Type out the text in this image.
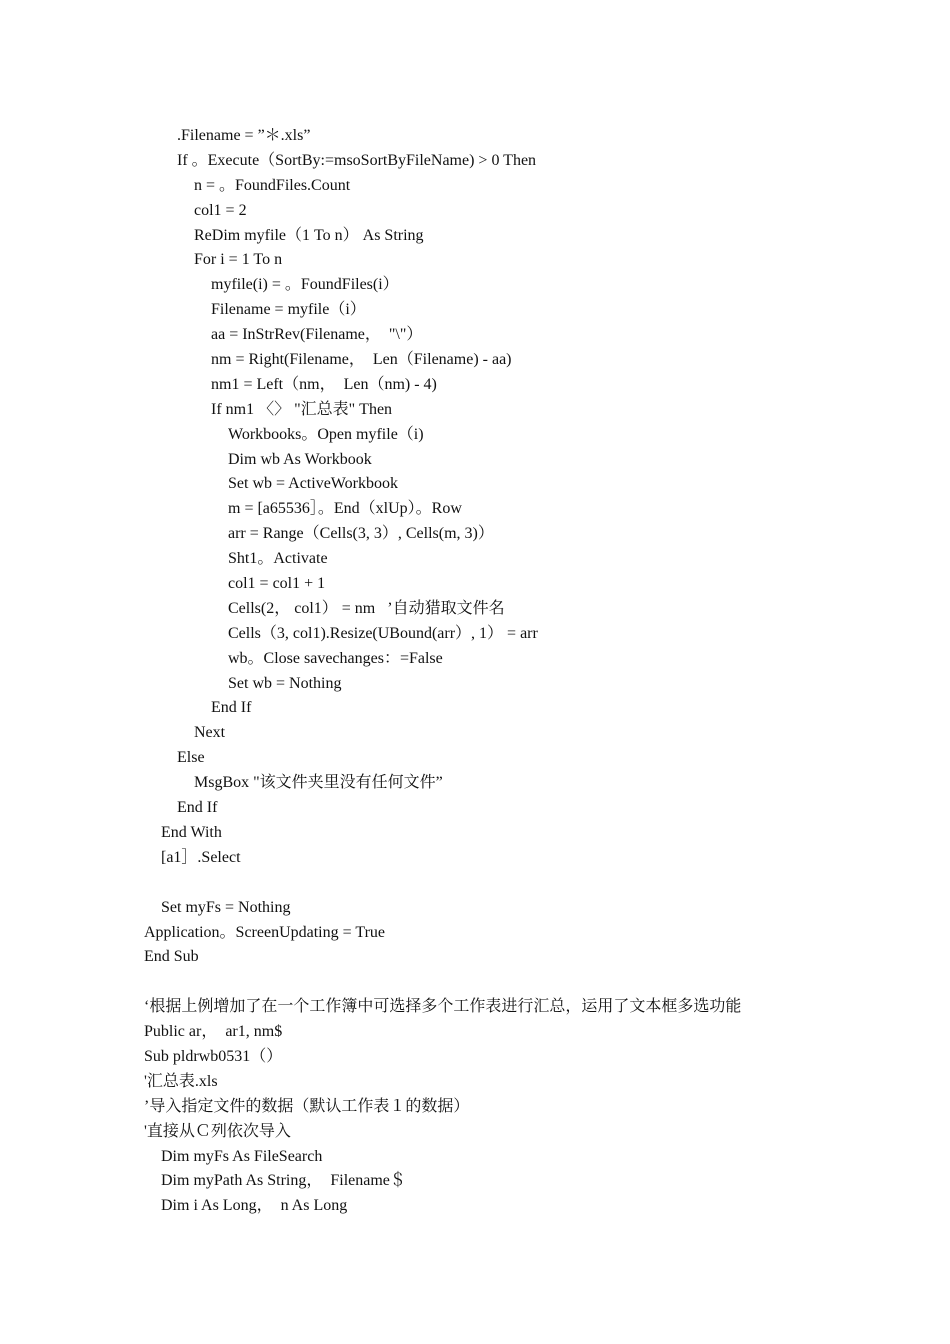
.Filename = ”＊.xls”
If 。Execute（SortBy:=msoSortByFileName) > 0 Then
n = 。FoundFiles.Count
col1 = 2
ReDim myfile（1 To n） As String
For i = 1 To n
myfile(i) = 。FoundFiles(i）
Filename = myfile（i）
aa = InStrRev(Filename，  "\"）
nm = Right(Filename，  Len（Filename) - aa)
nm1 = Left（nm，  Len（nm) - 4)
If nm1 〈〉 "汇总表" Then
Workbooks。Open myfile（i)
Dim wb As Workbook
Set wb = ActiveWorkbook
m = [a65536］。End（xlUp）。Row
arr = Range（Cells(3, 3）, Cells(m, 3)）
Sht1。Activate
col1 = col1 + 1
Cells(2， col1） = nm   ’自动猎取文件名
Cells（3, col1).Resize(UBound(arr）, 1） = arr
wb。Close savechanges：=False
Set wb = Nothing
End If
Next
Else
MsgBox "该文件夹里没有任何文件”
End If
End With
[a1］.Select
Set myFs = Nothing
Application。ScreenUpdating = True
End Sub
‘根据上例增加了在一个工作簿中可选择多个工作表进行汇总，运用了文本框多选功能
Public ar，  ar1, nm$
Sub pldrwb0531（）
'汇总表.xls
’导入指定文件的数据（默认工作表１的数据）
'直接从Ｃ列依次导入
Dim myFs As FileSearch
Dim myPath As String，  Filename＄
Dim i As Long，  n As Long
